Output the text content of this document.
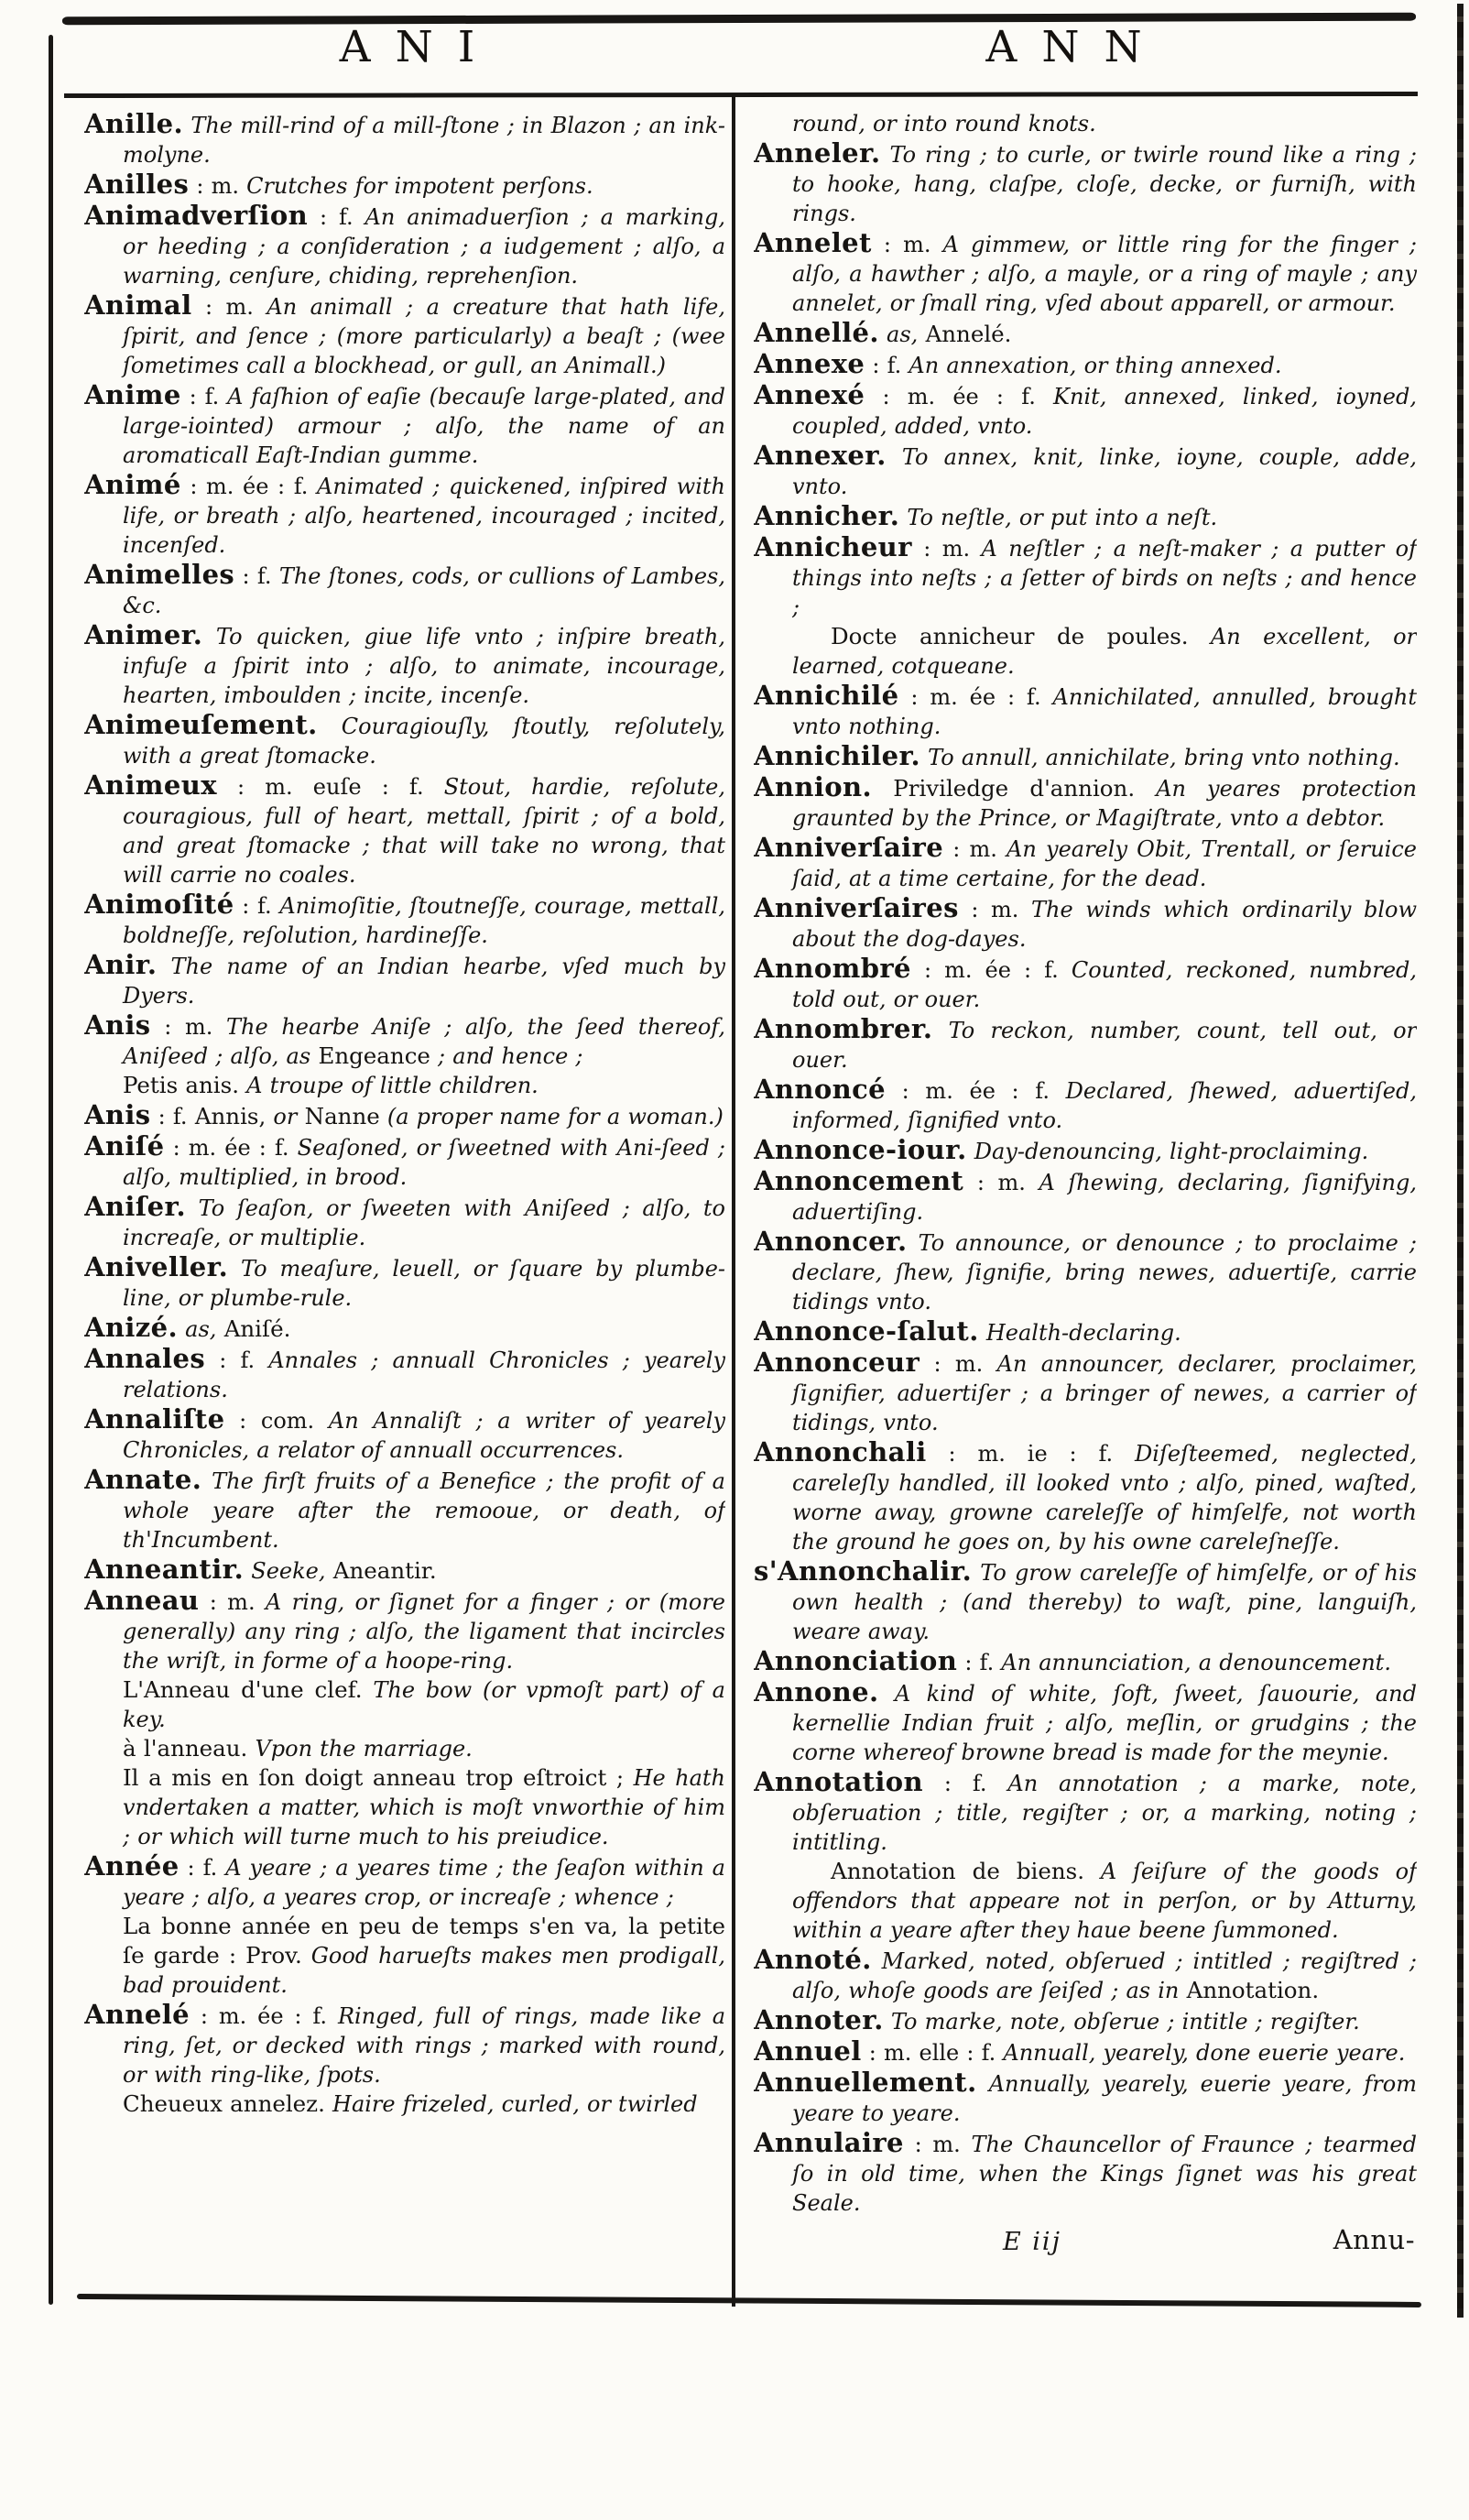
ANI	ANN
Anille. The mill-rind of a mill-ſtone ; in Blazon ; an ink-molyne.
Anilles : m. Crutches for impotent perſons.
Animadverſion : f. An animaduerſion ; a marking, or heeding ; a conſideration ; a iudgement ; alſo, a warning, cenſure, chiding, reprehenſion.
Animal : m. An animall ; a creature that hath life, ſpirit, and ſence ; (more particularly) a beaſt ; (wee ſometimes call a blockhead, or gull, an Animall.)
Anime : f. A faſhion of eaſie (becauſe large-plated, and large-iointed) armour ; alſo, the name of an aromaticall Eaſt-Indian gumme.
Animé : m. ée : f. Animated ; quickened, inſpired with life, or breath ; alſo, heartened, incouraged ; incited, incenſed.
Animelles : f. The ſtones, cods, or cullions of Lambes, &c.
Animer. To quicken, giue life vnto ; inſpire breath, infuſe a ſpirit into ; alſo, to animate, incourage, hearten, imboulden ; incite, incenſe.
Animeuſement. Couragiouſly, ſtoutly, reſolutely, with a great ſtomacke.
Animeux : m. euſe : f. Stout, hardie, reſolute, couragious, full of heart, mettall, ſpirit ; of a bold, and great ſtomacke ; that will take no wrong, that will carrie no coales.
Animoſité : f. Animoſitie, ſtoutneſſe, courage, mettall, boldneſſe, reſolution, hardineſſe.
Anir. The name of an Indian hearbe, vſed much by Dyers.
Anis : m. The hearbe Aniſe ; alſo, the ſeed thereof, Aniſeed ; alſo, as Engeance ; and hence ;
Petis anis. A troupe of little children.
Anis : f. Annis, or Nanne (a proper name for a woman.)
Aniſé : m. ée : f. Seaſoned, or ſweetned with Ani-ſeed ; alſo, multiplied, in brood.
Aniſer. To ſeaſon, or ſweeten with Aniſeed ; alſo, to increaſe, or multiplie.
Aniveller. To meaſure, leuell, or ſquare by plumbe-line, or plumbe-rule.
Anizé. as, Aniſé.
Annales : f. Annales ; annuall Chronicles ; yearely relations.
Annaliſte : com. An Annaliſt ; a writer of yearely Chronicles, a relator of annuall occurrences.
Annate. The firſt fruits of a Benefice ; the profit of a whole yeare after the remooue, or death, of th'Incumbent.
Anneantir. Seeke, Aneantir.
Anneau : m. A ring, or ſignet for a finger ; or (more generally) any ring ; alſo, the ligament that incircles the wriſt, in forme of a hoope-ring.
L'Anneau d'une clef. The bow (or vpmoſt part) of a key.
à l'anneau. Vpon the marriage.
Il a mis en ſon doigt anneau trop eſtroict ; He hath vndertaken a matter, which is moſt vnworthie of him ; or which will turne much to his preiudice.
Année : f. A yeare ; a yeares time ; the ſeaſon within a yeare ; alſo, a yeares crop, or increaſe ; whence ;
La bonne année en peu de temps s'en va, la petite ſe garde : Prov. Good harueſts makes men prodigall, bad prouident.
Annelé : m. ée : f. Ringed, full of rings, made like a ring, ſet, or decked with rings ; marked with round, or with ring-like, ſpots.
Cheueux annelez. Haire frizeled, curled, or twirled
round, or into round knots.
Anneler. To ring ; to curle, or twirle round like a ring ; to hooke, hang, claſpe, cloſe, decke, or furniſh, with rings.
Annelet : m. A gimmew, or little ring for the finger ; alſo, a hawther ; alſo, a mayle, or a ring of mayle ; any annelet, or ſmall ring, vſed about apparell, or armour.
Annellé. as, Annelé.
Annexe : f. An annexation, or thing annexed.
Annexé : m. ée : f. Knit, annexed, linked, ioyned, coupled, added, vnto.
Annexer. To annex, knit, linke, ioyne, couple, adde, vnto.
Annicher. To neſtle, or put into a neſt.
Annicheur : m. A neſtler ; a neſt-maker ; a putter of things into neſts ; a ſetter of birds on neſts ; and hence ;
Docte annicheur de poules. An excellent, or learned, cotqueane.
Annichilé : m. ée : f. Annichilated, annulled, brought vnto nothing.
Annichiler. To annull, annichilate, bring vnto nothing.
Annion. Priviledge d'annion. An yeares protection graunted by the Prince, or Magiſtrate, vnto a debtor.
Anniverſaire : m. An yearely Obit, Trentall, or ſeruice ſaid, at a time certaine, for the dead.
Anniverſaires : m. The winds which ordinarily blow about the dog-dayes.
Annombré : m. ée : f. Counted, reckoned, numbred, told out, or ouer.
Annombrer. To reckon, number, count, tell out, or ouer.
Annoncé : m. ée : f. Declared, ſhewed, aduertiſed, informed, ſignified vnto.
Annonce-iour. Day-denouncing, light-proclaiming.
Annoncement : m. A ſhewing, declaring, ſignifying, aduertiſing.
Annoncer. To announce, or denounce ; to proclaime ; declare, ſhew, ſignifie, bring newes, aduertiſe, carrie tidings vnto.
Annonce-ſalut. Health-declaring.
Annonceur : m. An announcer, declarer, proclaimer, ſignifier, aduertiſer ; a bringer of newes, a carrier of tidings, vnto.
Annonchali : m. ie : f. Diſeſteemed, neglected, careleſly handled, ill looked vnto ; alſo, pined, waſted, worne away, growne careleſſe of himſelfe, not worth the ground he goes on, by his owne careleſneſſe.
s'Annonchalir. To grow careleſſe of himſelfe, or of his own health ; (and thereby) to waſt, pine, languiſh, weare away.
Annonciation : f. An annunciation, a denouncement.
Annone. A kind of white, ſoft, ſweet, ſauourie, and kernellie Indian fruit ; alſo, meſlin, or grudgins ; the corne whereof browne bread is made for the meynie.
Annotation : f. An annotation ; a marke, note, obſeruation ; title, regiſter ; or, a marking, noting ; intitling.
Annotation de biens. A ſeiſure of the goods of offendors that appeare not in perſon, or by Atturny, within a yeare after they haue beene ſummoned.
Annoté. Marked, noted, obſerued ; intitled ; regiſtred ; alſo, whoſe goods are ſeiſed ; as in Annotation.
Annoter. To marke, note, obſerue ; intitle ; regiſter.
Annuel : m. elle : f. Annuall, yearely, done euerie yeare.
Annuellement. Annually, yearely, euerie yeare, from yeare to yeare.
Annulaire : m. The Chauncellor of Fraunce ; tearmed ſo in old time, when the Kings ſignet was his great Seale.
E iij	Annu-
